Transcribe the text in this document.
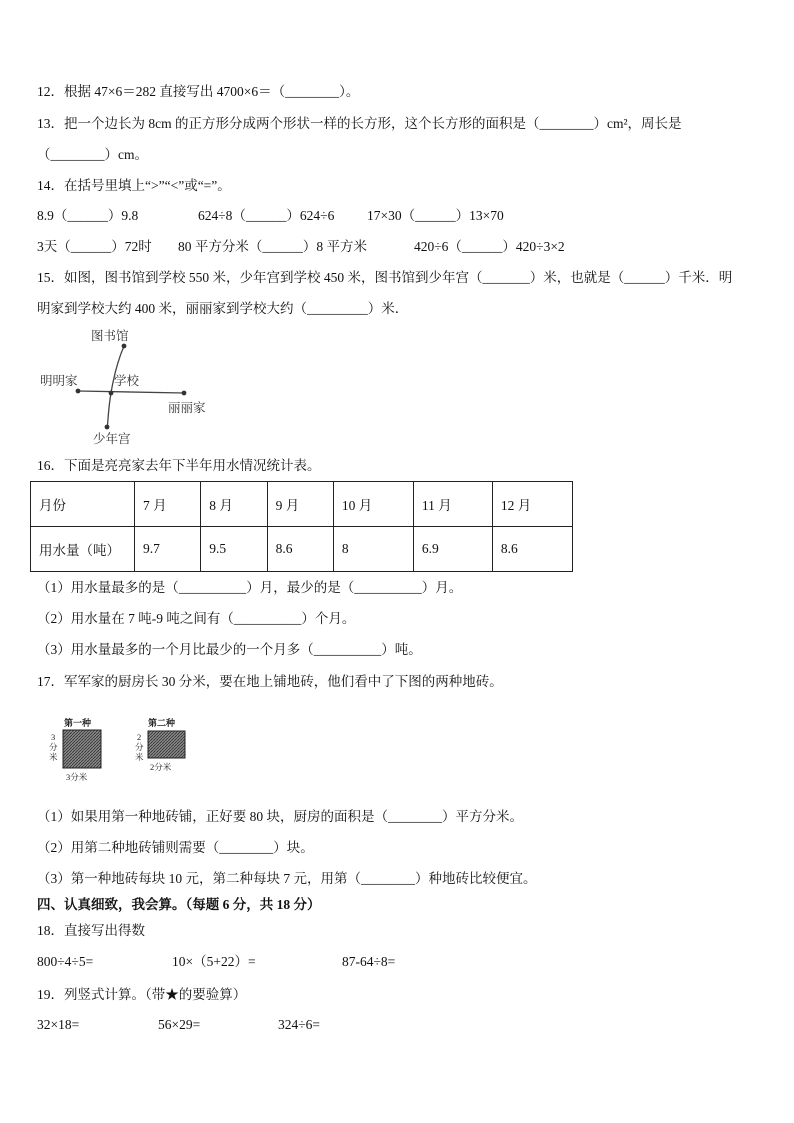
12．根据 47×6＝282 直接写出 4700×6＝（________）。
13．把一个边长为 8cm 的正方形分成两个形状一样的长方形，这个长方形的面积是（________）cm²，周长是
（________）cm。
14．在括号里填上“>”“<”或“=”。
8.9（______）9.8	624÷8（______）624÷6 17×30（______）13×70
3天（______）72时 80 平方分米（______）8 平方米	420÷6（______）420÷3×2
15．如图，图书馆到学校 550 米，少年宫到学校 450 米，图书馆到少年宫（_______）米，也就是（______）千米．明
明家到学校大约 400 米，丽丽家到学校大约（_________）米．
图书馆
明明家	学校
丽丽家
少年宫
第一种
3 分米
3分米
第二种
2 分米
2分米
16．下面是亮亮家去年下半年用水情况统计表。
月份	7 月	8 月	9 月	10 月	11 月	12 月
用水量（吨）	9.7	9.5	8.6	8	6.9	8.6
（1）用水量最多的是（__________）月，最少的是（__________）月。
（2）用水量在 7 吨-9 吨之间有（__________）个月。
（3）用水量最多的一个月比最少的一个月多（__________）吨。
17．军军家的厨房长 30 分米，要在地上铺地砖，他们看中了下图的两种地砖。
（1）如果用第一种地砖铺，正好要 80 块，厨房的面积是（________）平方分米。
（2）用第二种地砖铺则需要（________）块。
（3）第一种地砖每块 10 元，第二种每块 7 元，用第（________）种地砖比较便宜。
四、认真细致，我会算。（每题 6 分，共 18 分）
18．直接写出得数
800÷4÷5=	10×（5+22）=	87-64÷8=
19．列竖式计算。（带★的要验算）
32×18=	56×29=	324÷6=
